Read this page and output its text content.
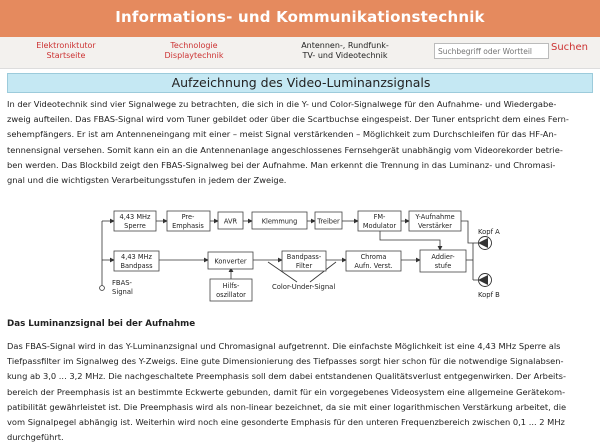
Informations- und Kommunikationstechnik
Elektroniktutor
Startseite
Technologie
Displaytechnik
Antennen-, Rundfunk-
TV- und Videotechnik
Suchbegriff oder Wortteil
Suchen
Aufzeichnung des Video-Luminanzsignals
In der Videotechnik sind vier Signalwege zu betrachten, die sich in die Y- und Color-Signalwege für den Aufnahme- und Wiedergabe-
zweig aufteilen. Das FBAS-Signal wird vom Tuner gebildet oder über die Scartbuchse eingespeist. Der Tuner entspricht dem eines Fern-
sehempfängers. Er ist am Antenneneingang mit einer – meist Signal verstärkenden – Möglichkeit zum Durchschleifen für das HF-An-
tennensignal versehen. Somit kann ein an die Antennenanlage angeschlossenes Fernsehgerät unabhängig vom Videorekorder betrie-
ben werden. Das Blockbild zeigt den FBAS-Signalweg bei der Aufnahme. Man erkennt die Trennung in das Luminanz- und Chromasi-
gnal und die wichtigsten Verarbeitungsstufen in jedem der Zweige.
4,43 MHz
Sperre
Pre-
Emphasis
AVR	Klemmung	Treiber
FM-
Modulator
Y-Aufnahme
Verstärker
4,43 MHz
Bandpass
Konverter
Bandpass-
Filter
Chroma
Aufn. Verst.
Addier-
stufe
Hilfs-
oszillator
FBAS-
Signal
Color-Under-Signal
Kopf A
Kopf B
Das Luminanzsignal bei der Aufnahme
Das FBAS-Signal wird in das Y-Luminanzsignal und Chromasignal aufgetrennt. Die einfachste Möglichkeit ist eine 4,43 MHz Sperre als
Tiefpassfilter im Signalweg des Y-Zweigs. Eine gute Dimensionierung des Tiefpasses sorgt hier schon für die notwendige Signalabsen-
kung ab 3,0 ... 3,2 MHz. Die nachgeschaltete Preemphasis soll dem dabei entstandenen Qualitätsverlust entgegenwirken. Der Arbeits-
bereich der Preemphasis ist an bestimmte Eckwerte gebunden, damit für ein vorgegebenes Videosystem eine allgemeine Gerätekom-
patibilität gewährleistet ist. Die Preemphasis wird als non-linear bezeichnet, da sie mit einer logarithmischen Verstärkung arbeitet, die
vom Signalpegel abhängig ist. Weiterhin wird noch eine gesonderte Emphasis für den unteren Frequenzbereich zwischen 0,1 ... 2 MHz
durchgeführt.
